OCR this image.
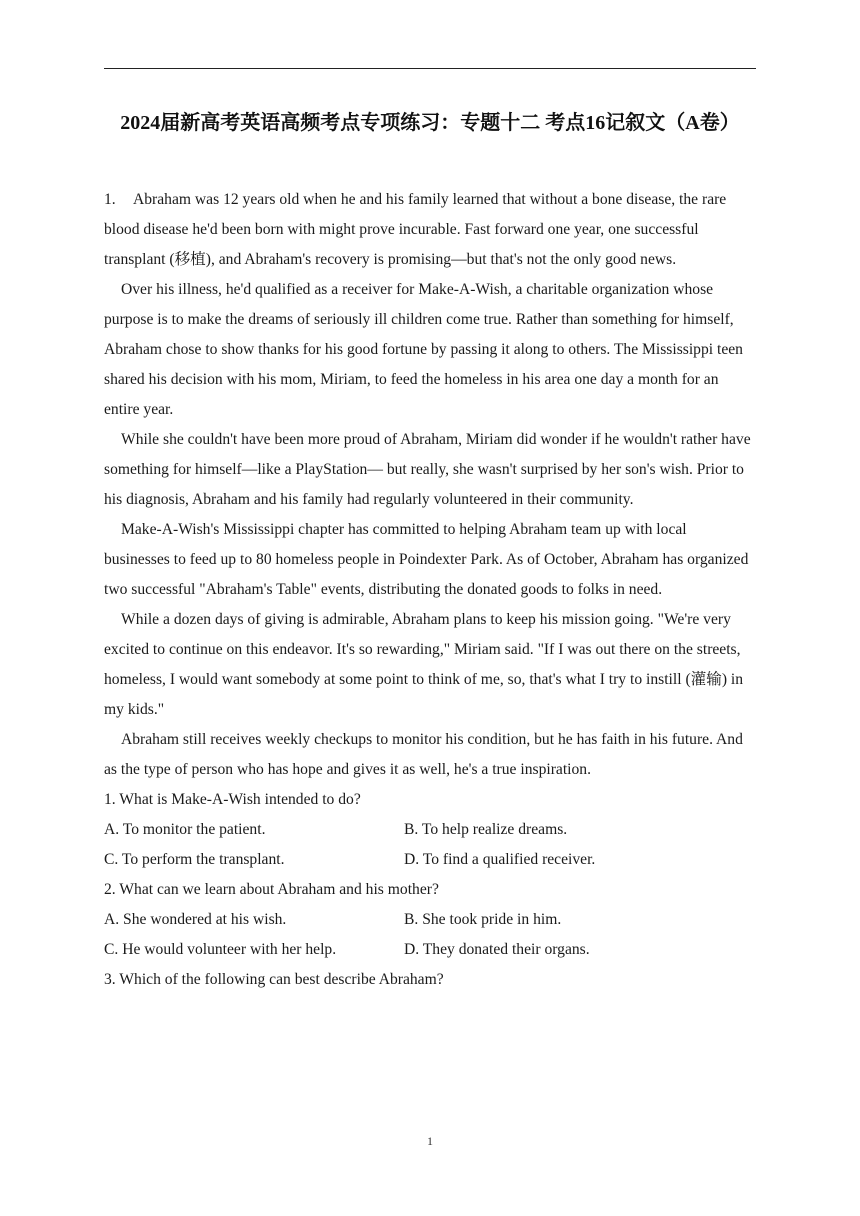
2024届新高考英语高频考点专项练习：专题十二 考点16记叙文（A卷）

1. Abraham was 12 years old when he and his family learned that without a bone disease, the rare blood disease he'd been born with might prove incurable. Fast forward one year, one successful transplant (移植), and Abraham's recovery is promising—but that's not the only good news.

Over his illness, he'd qualified as a receiver for Make-A-Wish, a charitable organization whose purpose is to make the dreams of seriously ill children come true. Rather than something for himself, Abraham chose to show thanks for his good fortune by passing it along to others. The Mississippi teen shared his decision with his mom, Miriam, to feed the homeless in his area one day a month for an entire year.

While she couldn't have been more proud of Abraham, Miriam did wonder if he wouldn't rather have something for himself—like a PlayStation— but really, she wasn't surprised by her son's wish. Prior to his diagnosis, Abraham and his family had regularly volunteered in their community.

Make-A-Wish's Mississippi chapter has committed to helping Abraham team up with local businesses to feed up to 80 homeless people in Poindexter Park. As of October, Abraham has organized two successful "Abraham's Table" events, distributing the donated goods to folks in need.

While a dozen days of giving is admirable, Abraham plans to keep his mission going. "We're very excited to continue on this endeavor. It's so rewarding," Miriam said. "If I was out there on the streets, homeless, I would want somebody at some point to think of me, so, that's what I try to instill (灌输) in my kids."

Abraham still receives weekly checkups to monitor his condition, but he has faith in his future. And as the type of person who has hope and gives it as well, he's a true inspiration.

1. What is Make-A-Wish intended to do?

A. To monitor the patient.	B. To help realize dreams.
C. To perform the transplant.	D. To find a qualified receiver.

2. What can we learn about Abraham and his mother?

A. She wondered at his wish.	B. She took pride in him.
C. He would volunteer with her help.	D. They donated their organs.

3. Which of the following can best describe Abraham?

1
